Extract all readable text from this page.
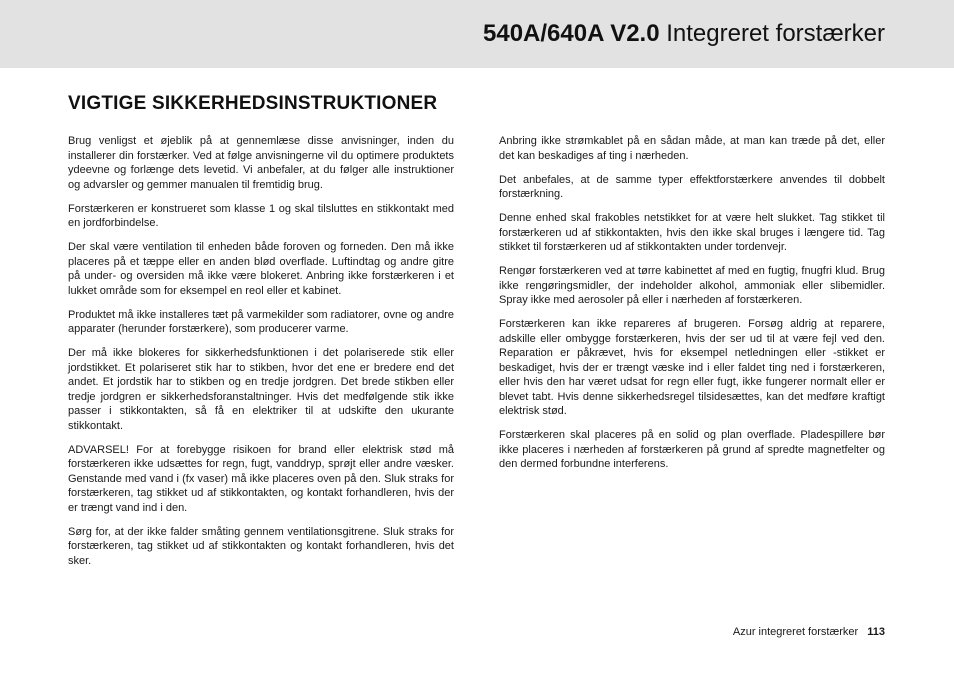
540A/640A V2.0 Integreret forstærker
VIGTIGE SIKKERHEDSINSTRUKTIONER

Brug venligst et øjeblik på at gennemlæse disse anvisninger, inden du installerer din forstærker. Ved at følge anvisningerne vil du optimere produktets ydeevne og forlænge dets levetid. Vi anbefaler, at du følger alle instruktioner og advarsler og gemmer manualen til fremtidig brug.

Forstærkeren er konstrueret som klasse 1 og skal tilsluttes en stikkontakt med en jordforbindelse.

Der skal være ventilation til enheden både foroven og forneden. Den må ikke placeres på et tæppe eller en anden blød overflade. Luftindtag og andre gitre på under- og oversiden må ikke være blokeret. Anbring ikke forstærkeren i et lukket område som for eksempel en reol eller et kabinet.

Produktet må ikke installeres tæt på varmekilder som radiatorer, ovne og andre apparater (herunder forstærkere), som producerer varme.

Der må ikke blokeres for sikkerhedsfunktionen i det polariserede stik eller jordstikket. Et polariseret stik har to stikben, hvor det ene er bredere end det andet. Et jordstik har to stikben og en tredje jordgren. Det brede stikben eller tredje jordgren er sikkerhedsforanstaltninger. Hvis det medfølgende stik ikke passer i stikkontakten, så få en elektriker til at udskifte den ukurante stikkontakt.

ADVARSEL! For at forebygge risikoen for brand eller elektrisk stød må forstærkeren ikke udsættes for regn, fugt, vanddryp, sprøjt eller andre væsker. Genstande med vand i (fx vaser) må ikke placeres oven på den. Sluk straks for forstærkeren, tag stikket ud af stikkontakten, og kontakt forhandleren, hvis der er trængt vand ind i den.

Sørg for, at der ikke falder småting gennem ventilationsgitrene. Sluk straks for forstærkeren, tag stikket ud af stikkontakten og kontakt forhandleren, hvis det sker.

Anbring ikke strømkablet på en sådan måde, at man kan træde på det, eller det kan beskadiges af ting i nærheden.

Det anbefales, at de samme typer effektforstærkere anvendes til dobbelt forstærkning.

Denne enhed skal frakobles netstikket for at være helt slukket. Tag stikket til forstærkeren ud af stikkontakten, hvis den ikke skal bruges i længere tid. Tag stikket til forstærkeren ud af stikkontakten under tordenvejr.

Rengør forstærkeren ved at tørre kabinettet af med en fugtig, fnugfri klud. Brug ikke rengøringsmidler, der indeholder alkohol, ammoniak eller slibemidler. Spray ikke med aerosoler på eller i nærheden af forstærkeren.

Forstærkeren kan ikke repareres af brugeren. Forsøg aldrig at reparere, adskille eller ombygge forstærkeren, hvis der ser ud til at være fejl ved den. Reparation er påkrævet, hvis for eksempel netledningen eller -stikket er beskadiget, hvis der er trængt væske ind i eller faldet ting ned i forstærkeren, eller hvis den har været udsat for regn eller fugt, ikke fungerer normalt eller er blevet tabt. Hvis denne sikkerhedsregel tilsidesættes, kan det medføre kraftigt elektrisk stød.

Forstærkeren skal placeres på en solid og plan overflade. Pladespillere bør ikke placeres i nærheden af forstærkeren på grund af spredte magnetfelter og den dermed forbundne interferens.

Azur integreret forstærker 113
